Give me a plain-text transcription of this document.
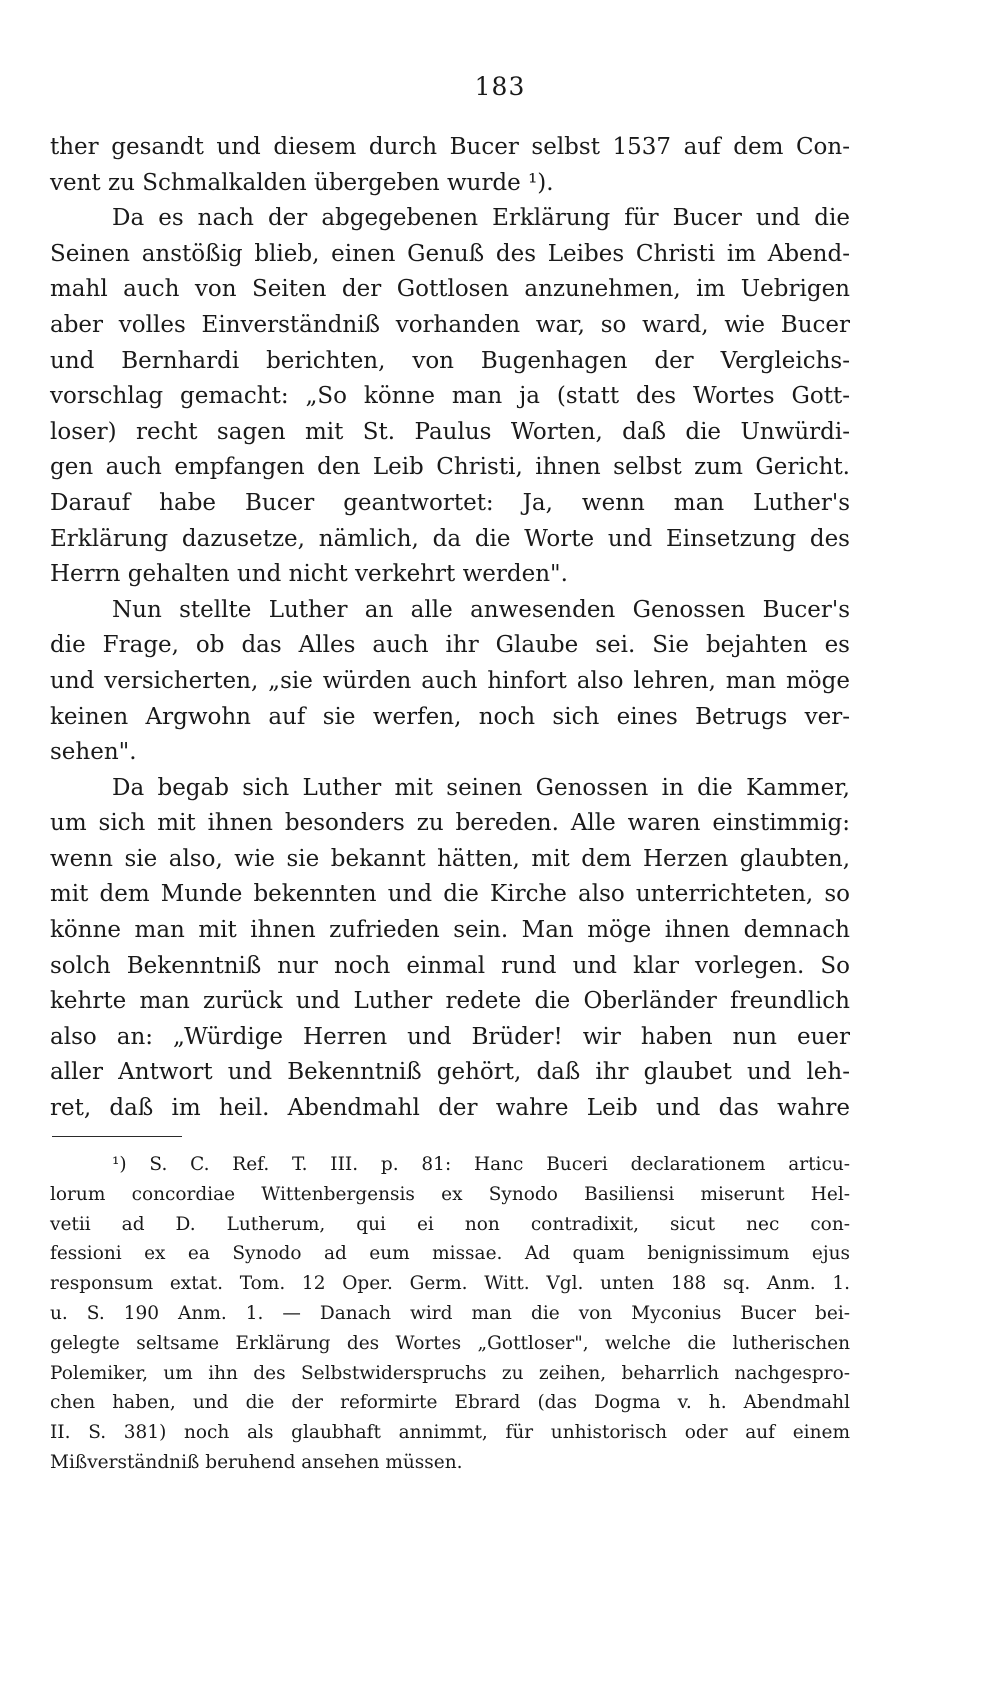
183
ther gesandt und diesem durch Bucer selbst 1537 auf dem Con-
vent zu Schmalkalden übergeben wurde ¹).
Da es nach der abgegebenen Erklärung für Bucer und die
Seinen anstößig blieb, einen Genuß des Leibes Christi im Abend-
mahl auch von Seiten der Gottlosen anzunehmen, im Uebrigen
aber volles Einverständniß vorhanden war, so ward, wie Bucer
und Bernhardi berichten, von Bugenhagen der Vergleichs-
vorschlag gemacht: „So könne man ja (statt des Wortes Gott-
loser) recht sagen mit St. Paulus Worten, daß die Unwürdi-
gen auch empfangen den Leib Christi, ihnen selbst zum Gericht.
Darauf habe Bucer geantwortet: Ja, wenn man Luther's
Erklärung dazusetze, nämlich, da die Worte und Einsetzung des
Herrn gehalten und nicht verkehrt werden".
Nun stellte Luther an alle anwesenden Genossen Bucer's
die Frage, ob das Alles auch ihr Glaube sei. Sie bejahten es
und versicherten, „sie würden auch hinfort also lehren, man möge
keinen Argwohn auf sie werfen, noch sich eines Betrugs ver-
sehen".
Da begab sich Luther mit seinen Genossen in die Kammer,
um sich mit ihnen besonders zu bereden. Alle waren einstimmig:
wenn sie also, wie sie bekannt hätten, mit dem Herzen glaubten,
mit dem Munde bekennten und die Kirche also unterrichteten, so
könne man mit ihnen zufrieden sein. Man möge ihnen demnach
solch Bekenntniß nur noch einmal rund und klar vorlegen. So
kehrte man zurück und Luther redete die Oberländer freundlich
also an: „Würdige Herren und Brüder! wir haben nun euer
aller Antwort und Bekenntniß gehört, daß ihr glaubet und leh-
ret, daß im heil. Abendmahl der wahre Leib und das wahre
¹) S. C. Ref. T. III. p. 81: Hanc Buceri declarationem articu-
lorum concordiae Wittenbergensis ex Synodo Basiliensi miserunt Hel-
vetii ad D. Lutherum, qui ei non contradixit, sicut nec con-
fessioni ex ea Synodo ad eum missae. Ad quam benignissimum ejus
responsum extat. Tom. 12 Oper. Germ. Witt. Vgl. unten 188 sq. Anm. 1.
u. S. 190 Anm. 1. — Danach wird man die von Myconius Bucer bei-
gelegte seltsame Erklärung des Wortes „Gottloser", welche die lutherischen
Polemiker, um ihn des Selbstwiderspruchs zu zeihen, beharrlich nachgespro-
chen haben, und die der reformirte Ebrard (das Dogma v. h. Abendmahl
II. S. 381) noch als glaubhaft annimmt, für unhistorisch oder auf einem
Mißverständniß beruhend ansehen müssen.
